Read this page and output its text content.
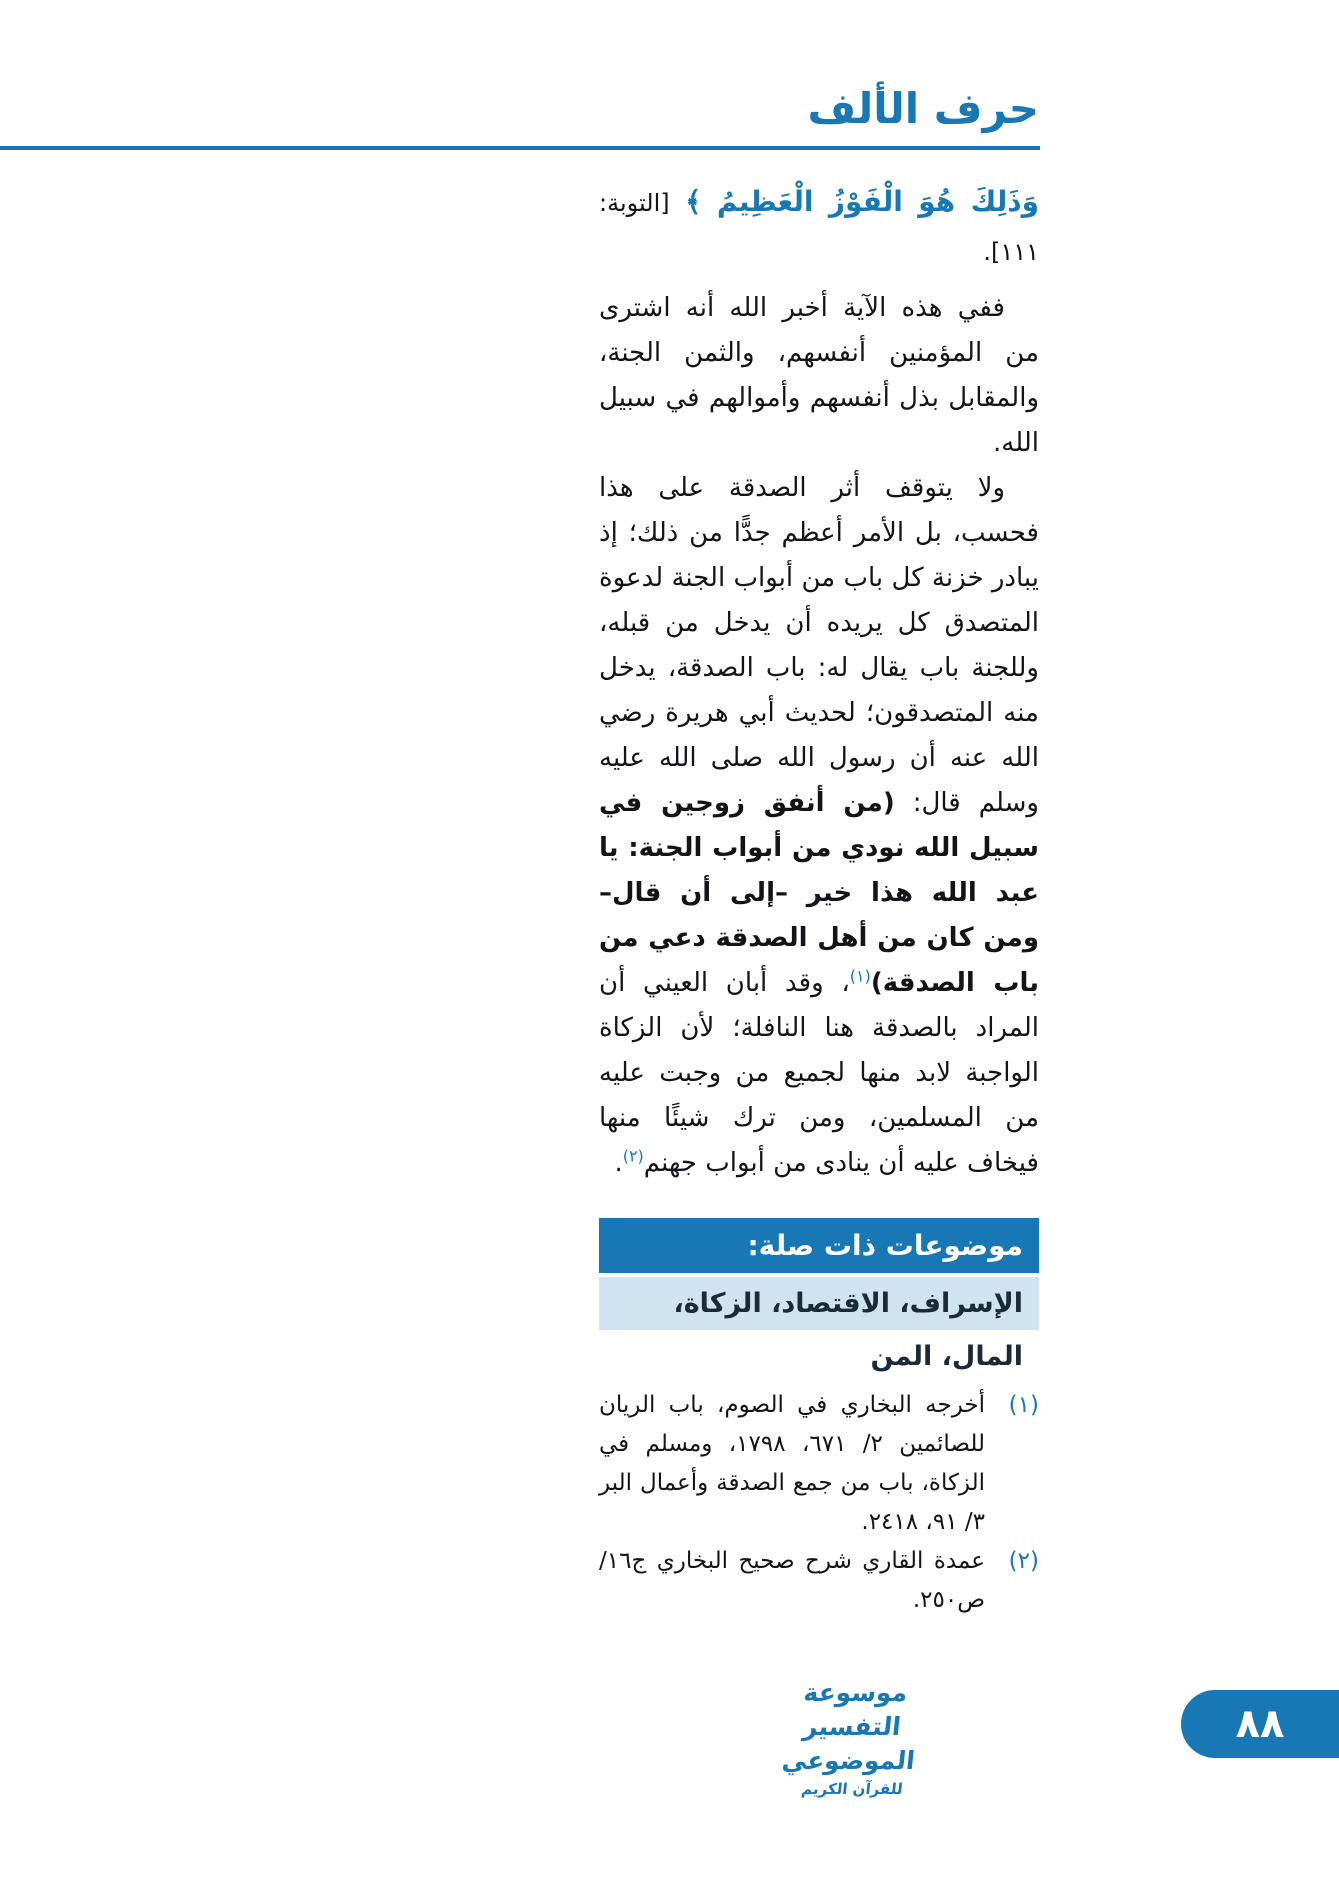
حرف الألف
وَذَلِكَ هُوَ الْفَوْزُ الْعَظِيمُ ﴾ [التوبة: ١١١].

ففي هذه الآية أخبر الله أنه اشترى من المؤمنين أنفسهم، والثمن الجنة، والمقابل بذل أنفسهم وأموالهم في سبيل الله.

ولا يتوقف أثر الصدقة على هذا فحسب، بل الأمر أعظم جدًّا من ذلك؛ إذ يبادر خزنة كل باب من أبواب الجنة لدعوة المتصدق كل يريده أن يدخل من قبله، وللجنة باب يقال له: باب الصدقة، يدخل منه المتصدقون؛ لحديث أبي هريرة رضي الله عنه أن رسول الله صلى الله عليه وسلم قال: (من أنفق زوجين في سبيل الله نودي من أبواب الجنة: يا عبد الله هذا خير –إلى أن قال– ومن كان من أهل الصدقة دعي من باب الصدقة)$^{(١)}$، وقد أبان العيني أن المراد بالصدقة هنا النافلة؛ لأن الزكاة الواجبة لابد منها لجميع من وجبت عليه من المسلمين، ومن ترك شيئًا منها فيخاف عليه أن ينادى من أبواب جهنم$^{(٢)}$.

موضوعات ذات صلة:
الإسراف، الاقتصاد، الزكاة، المال، المن
(١)
أخرجه البخاري في الصوم، باب الريان للصائمين ٢/ ٦٧١، ١٧٩٨، ومسلم في الزكاة، باب من جمع الصدقة وأعمال البر ٣/ ٩١، ٢٤١٨.
(٢)
عمدة القاري شرح صحيح البخاري ج١٦/ ص٢٥٠.
موسوعة التفسير الموضوعي
للقرآن الكريم
٨٨
